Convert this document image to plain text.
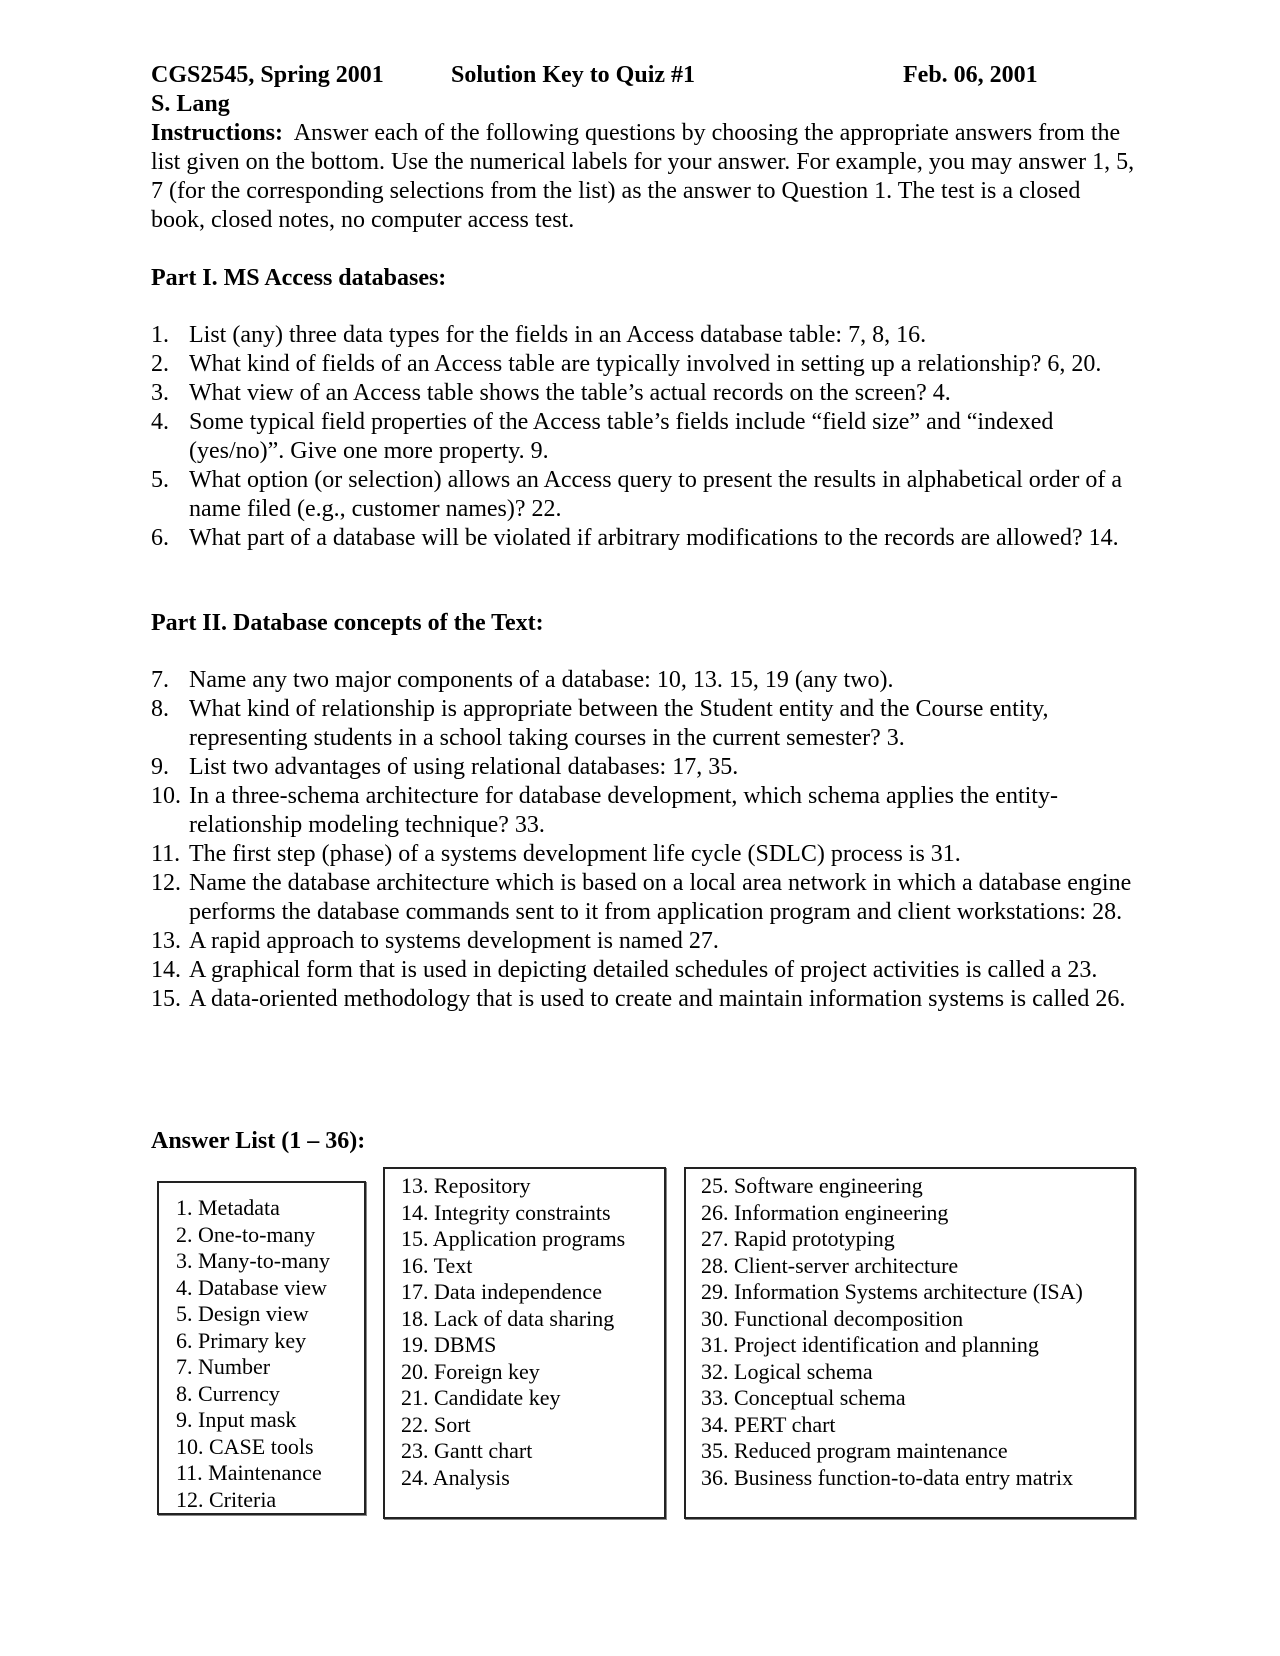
CGS2545, Spring 2001	Solution Key to Quiz #1	Feb. 06, 2001
S. Lang
Instructions: Answer each of the following questions by choosing the appropriate answers from the list given on the bottom. Use the numerical labels for your answer. For example, you may answer 1, 5, 7 (for the corresponding selections from the list) as the answer to Question 1. The test is a closed book, closed notes, no computer access test.
Part I. MS Access databases:
1. List (any) three data types for the fields in an Access database table: 7, 8, 16.
2. What kind of fields of an Access table are typically involved in setting up a relationship? 6, 20.
3. What view of an Access table shows the table’s actual records on the screen? 4.
4. Some typical field properties of the Access table’s fields include “field size” and “indexed (yes/no)”. Give one more property. 9.
5. What option (or selection) allows an Access query to present the results in alphabetical order of a name filed (e.g., customer names)? 22.
6. What part of a database will be violated if arbitrary modifications to the records are allowed? 14.
Part II. Database concepts of the Text:
7. Name any two major components of a database: 10, 13. 15, 19 (any two).
8. What kind of relationship is appropriate between the Student entity and the Course entity, representing students in a school taking courses in the current semester? 3.
9. List two advantages of using relational databases: 17, 35.
10. In a three-schema architecture for database development, which schema applies the entity-relationship modeling technique? 33.
11. The first step (phase) of a systems development life cycle (SDLC) process is 31.
12. Name the database architecture which is based on a local area network in which a database engine performs the database commands sent to it from application program and client workstations: 28.
13. A rapid approach to systems development is named 27.
14. A graphical form that is used in depicting detailed schedules of project activities is called a 23.
15. A data-oriented methodology that is used to create and maintain information systems is called 26.
Answer List (1 – 36):
1. Metadata
2. One-to-many
3. Many-to-many
4. Database view
5. Design view
6. Primary key
7. Number
8. Currency
9. Input mask
10. CASE tools
11. Maintenance
12. Criteria
13. Repository
14. Integrity constraints
15. Application programs
16. Text
17. Data independence
18. Lack of data sharing
19. DBMS
20. Foreign key
21. Candidate key
22. Sort
23. Gantt chart
24. Analysis
25. Software engineering
26. Information engineering
27. Rapid prototyping
28. Client-server architecture
29. Information Systems architecture (ISA)
30. Functional decomposition
31. Project identification and planning
32. Logical schema
33. Conceptual schema
34. PERT chart
35. Reduced program maintenance
36. Business function-to-data entry matrix
